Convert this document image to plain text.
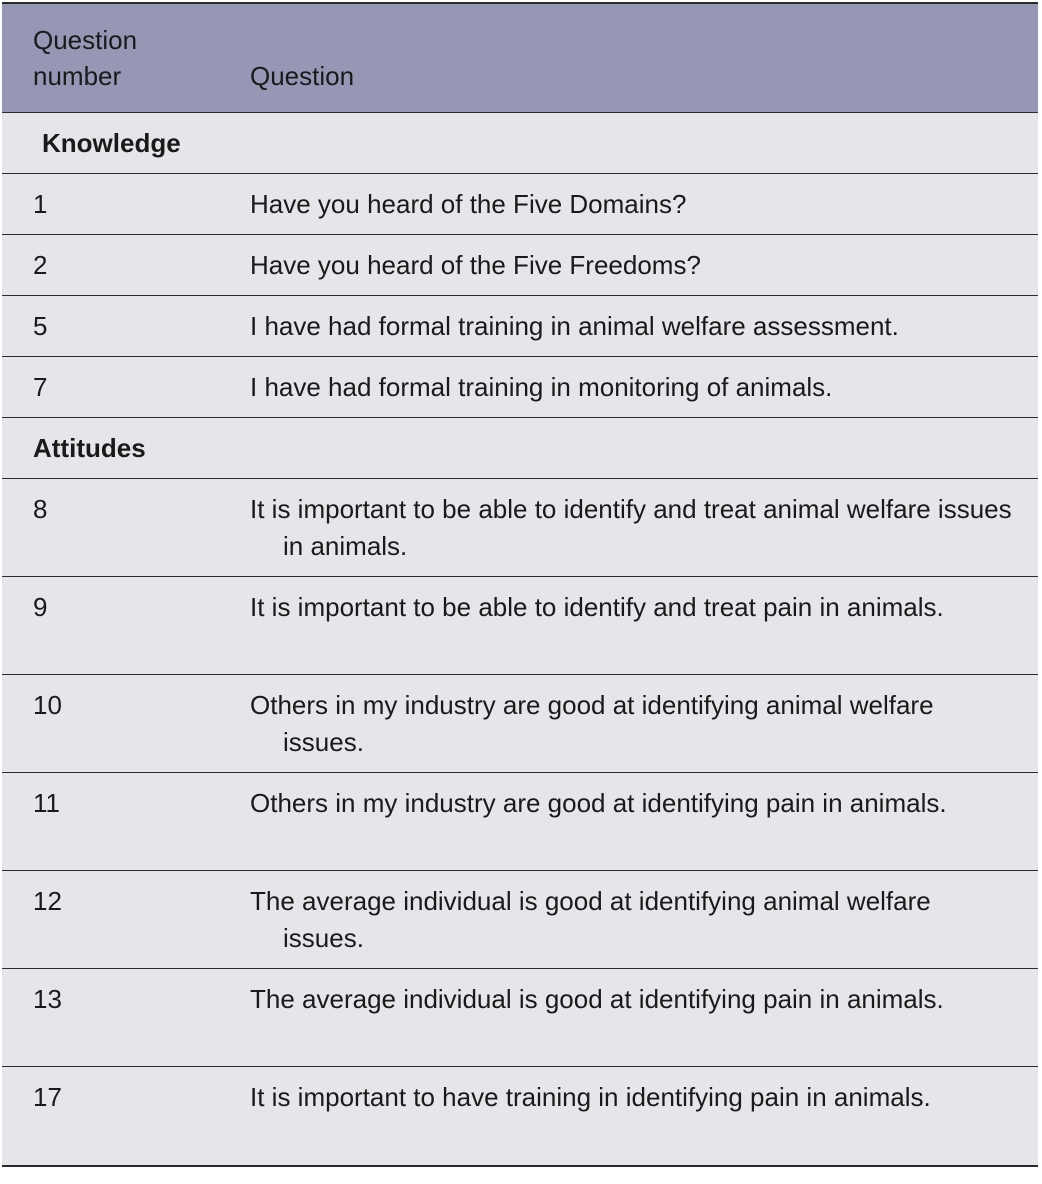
Question
number	Question
Knowledge
1	Have you heard of the Five Domains?
2	Have you heard of the Five Freedoms?
5	I have had formal training in animal welfare assessment.
7	I have had formal training in monitoring of animals.
Attitudes
8	It is important to be able to identify and treat animal welfare issues in animals.
9	It is important to be able to identify and treat pain in animals.
10	Others in my industry are good at identifying animal welfare issues.
11	Others in my industry are good at identifying pain in animals.
12	The average individual is good at identifying animal welfare issues.
13	The average individual is good at identifying pain in animals.
17	It is important to have training in identifying pain in animals.
